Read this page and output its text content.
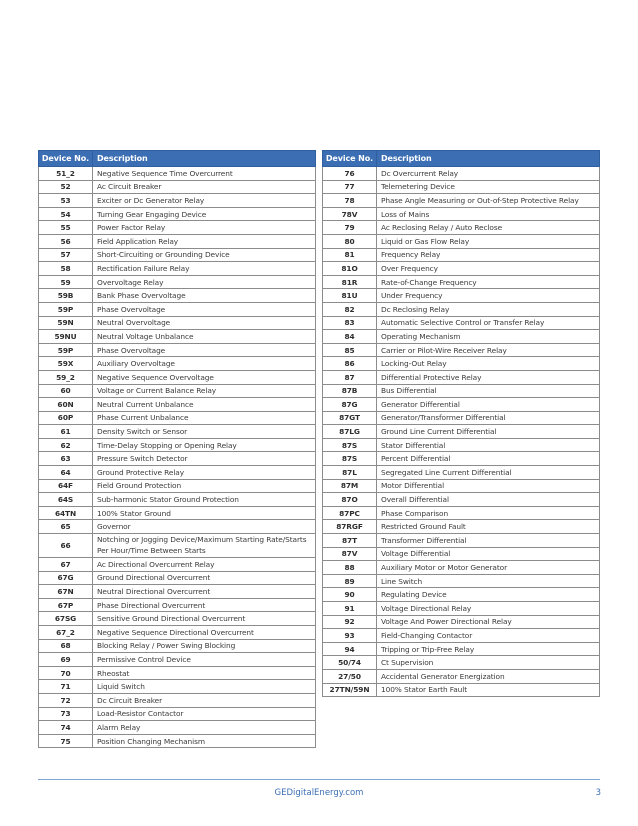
Device No.	Description
51_2	Negative Sequence Time Overcurrent
52	Ac Circuit Breaker
53	Exciter or Dc Generator Relay
54	Turning Gear Engaging Device
55	Power Factor Relay
56	Field Application Relay
57	Short-Circuiting or Grounding Device
58	Rectification Failure Relay
59	Overvoltage Relay
59B	Bank Phase Overvoltage
59P	Phase Overvoltage
59N	Neutral Overvoltage
59NU	Neutral Voltage Unbalance
59P	Phase Overvoltage
59X	Auxiliary Overvoltage
59_2	Negative Sequence Overvoltage
60	Voltage or Current Balance Relay
60N	Neutral Current Unbalance
60P	Phase Current Unbalance
61	Density Switch or Sensor
62	Time-Delay Stopping or Opening Relay
63	Pressure Switch Detector
64	Ground Protective Relay
64F	Field Ground Protection
64S	Sub-harmonic Stator Ground Protection
64TN	100% Stator Ground
65	Governor
66	Notching or Jogging Device/Maximum Starting Rate/Starts Per Hour/Time Between Starts
67	Ac Directional Overcurrent Relay
67G	Ground Directional Overcurrent
67N	Neutral Directional Overcurrent
67P	Phase Directional Overcurrent
67SG	Sensitive Ground Directional Overcurrent
67_2	Negative Sequence Directional Overcurrent
68	Blocking Relay / Power Swing Blocking
69	Permissive Control Device
70	Rheostat
71	Liquid Switch
72	Dc Circuit Breaker
73	Load-Resistor Contactor
74	Alarm Relay
75	Position Changing Mechanism
Device No.	Description
76	Dc Overcurrent Relay
77	Telemetering Device
78	Phase Angle Measuring or Out-of-Step Protective Relay
78V	Loss of Mains
79	Ac Reclosing Relay / Auto Reclose
80	Liquid or Gas Flow Relay
81	Frequency Relay
81O	Over Frequency
81R	Rate-of-Change Frequency
81U	Under Frequency
82	Dc Reclosing Relay
83	Automatic Selective Control or Transfer Relay
84	Operating Mechanism
85	Carrier or Pilot-Wire Receiver Relay
86	Locking-Out Relay
87	Differential Protective Relay
87B	Bus Differential
87G	Generator Differential
87GT	Generator/Transformer Differential
87LG	Ground Line Current Differential
87S	Stator Differential
87S	Percent Differential
87L	Segregated Line Current Differential
87M	Motor Differential
87O	Overall Differential
87PC	Phase Comparison
87RGF	Restricted Ground Fault
87T	Transformer Differential
87V	Voltage Differential
88	Auxiliary Motor or Motor Generator
89	Line Switch
90	Regulating Device
91	Voltage Directional Relay
92	Voltage And Power Directional Relay
93	Field-Changing Contactor
94	Tripping or Trip-Free Relay
50/74	Ct Supervision
27/50	Accidental Generator Energization
27TN/59N	100% Stator Earth Fault
GEDigitalEnergy.com	3
